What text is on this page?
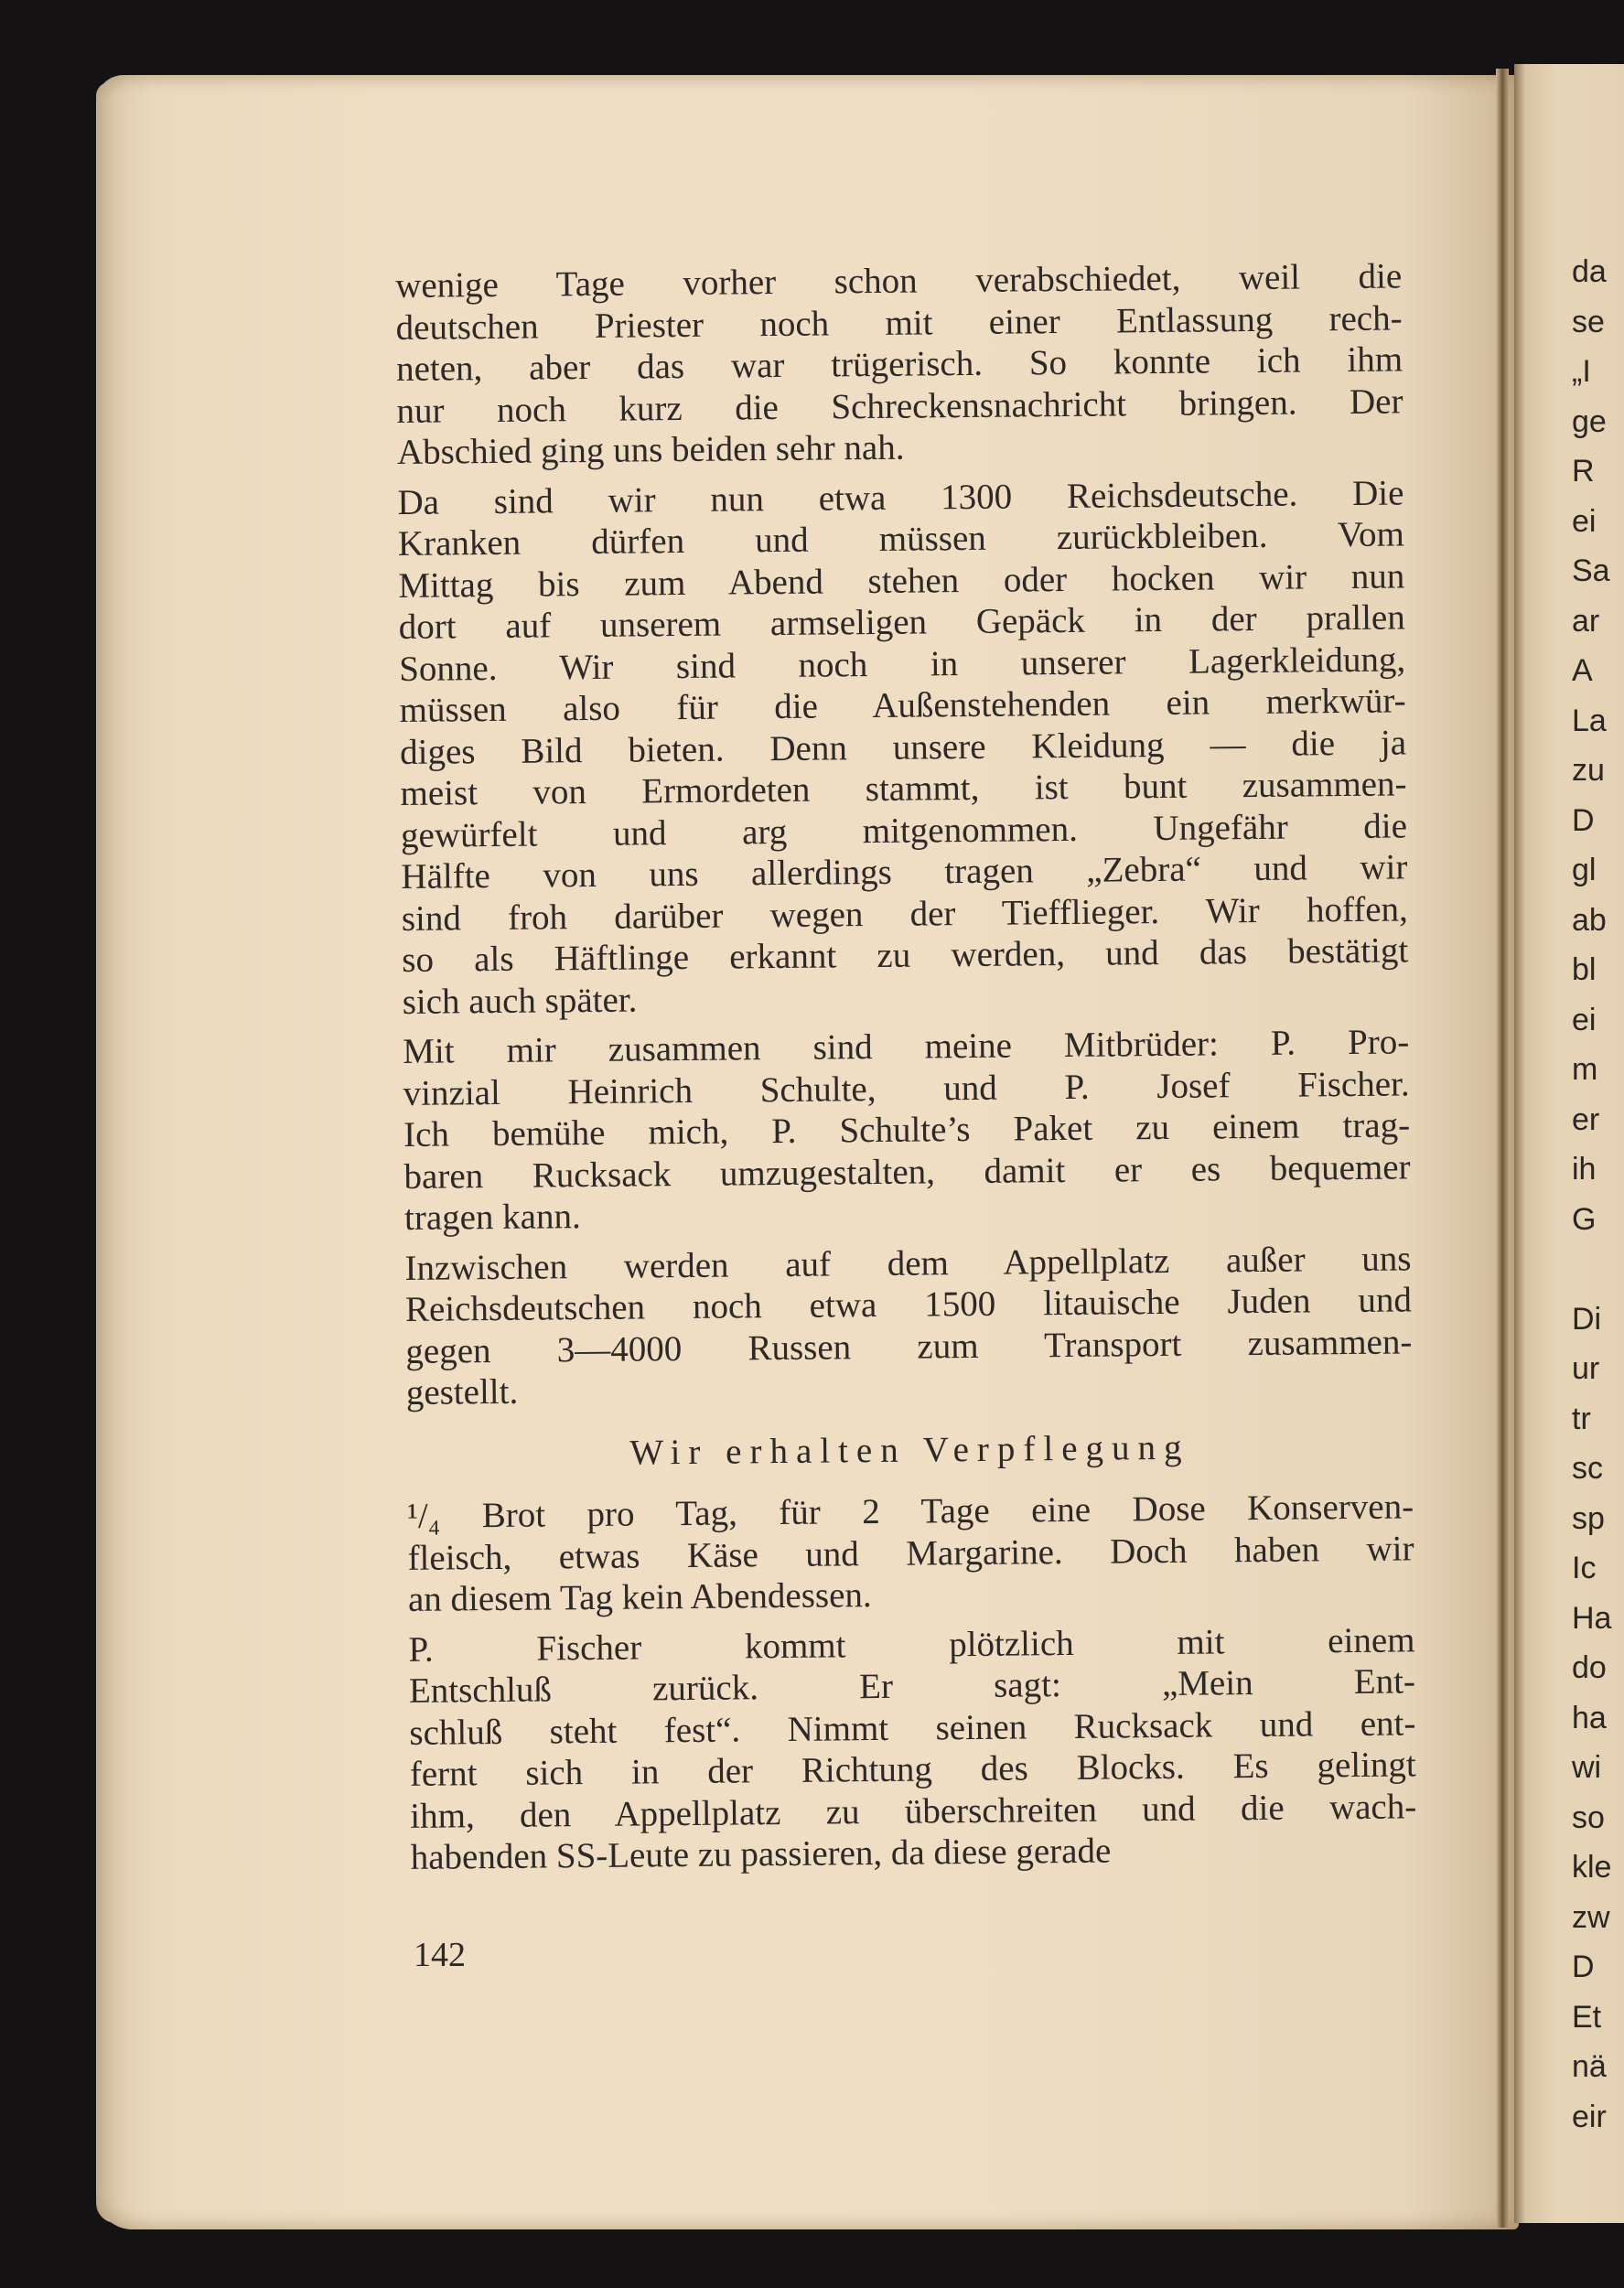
da
se
„I
ge
R
ei
Sa
ar
A
La
zu
D
gl
ab
bl
ei
m
er
ih
G
Di
ur
tr
sc
sp
Ic
Ha
do
ha
wi
so
kle
zw
D
Et
nä
eir
wenige Tage vorher schon verabschiedet, weil die
deutschen Priester noch mit einer Entlassung rech-
neten, aber das war trügerisch. So konnte ich ihm
nur noch kurz die Schreckensnachricht bringen. Der
Abschied ging uns beiden sehr nah.
Da sind wir nun etwa 1300 Reichsdeutsche. Die
Kranken dürfen und müssen zurückbleiben. Vom
Mittag bis zum Abend stehen oder hocken wir nun
dort auf unserem armseligen Gepäck in der prallen
Sonne. Wir sind noch in unserer Lagerkleidung,
müssen also für die Außenstehenden ein merkwür-
diges Bild bieten. Denn unsere Kleidung — die ja
meist von Ermordeten stammt, ist bunt zusammen-
gewürfelt und arg mitgenommen. Ungefähr die
Hälfte von uns allerdings tragen „Zebra“ und wir
sind froh darüber wegen der Tiefflieger. Wir hoffen,
so als Häftlinge erkannt zu werden, und das bestätigt
sich auch später.
Mit mir zusammen sind meine Mitbrüder: P. Pro-
vinzial Heinrich Schulte, und P. Josef Fischer.
Ich bemühe mich, P. Schulte’s Paket zu einem trag-
baren Rucksack umzugestalten, damit er es bequemer
tragen kann.
Inzwischen werden auf dem Appellplatz außer uns
Reichsdeutschen noch etwa 1500 litauische Juden und
gegen 3—4000 Russen zum Transport zusammen-
gestellt.
Wir erhalten Verpflegung
¹/₄ Brot pro Tag, für 2 Tage eine Dose Konserven-
fleisch, etwas Käse und Margarine. Doch haben wir
an diesem Tag kein Abendessen.
P. Fischer kommt plötzlich mit einem
Entschluß zurück. Er sagt: „Mein Ent-
schluß steht fest“. Nimmt seinen Rucksack und ent-
fernt sich in der Richtung des Blocks. Es gelingt
ihm, den Appellplatz zu überschreiten und die wach-
habenden SS-Leute zu passieren, da diese gerade
142
